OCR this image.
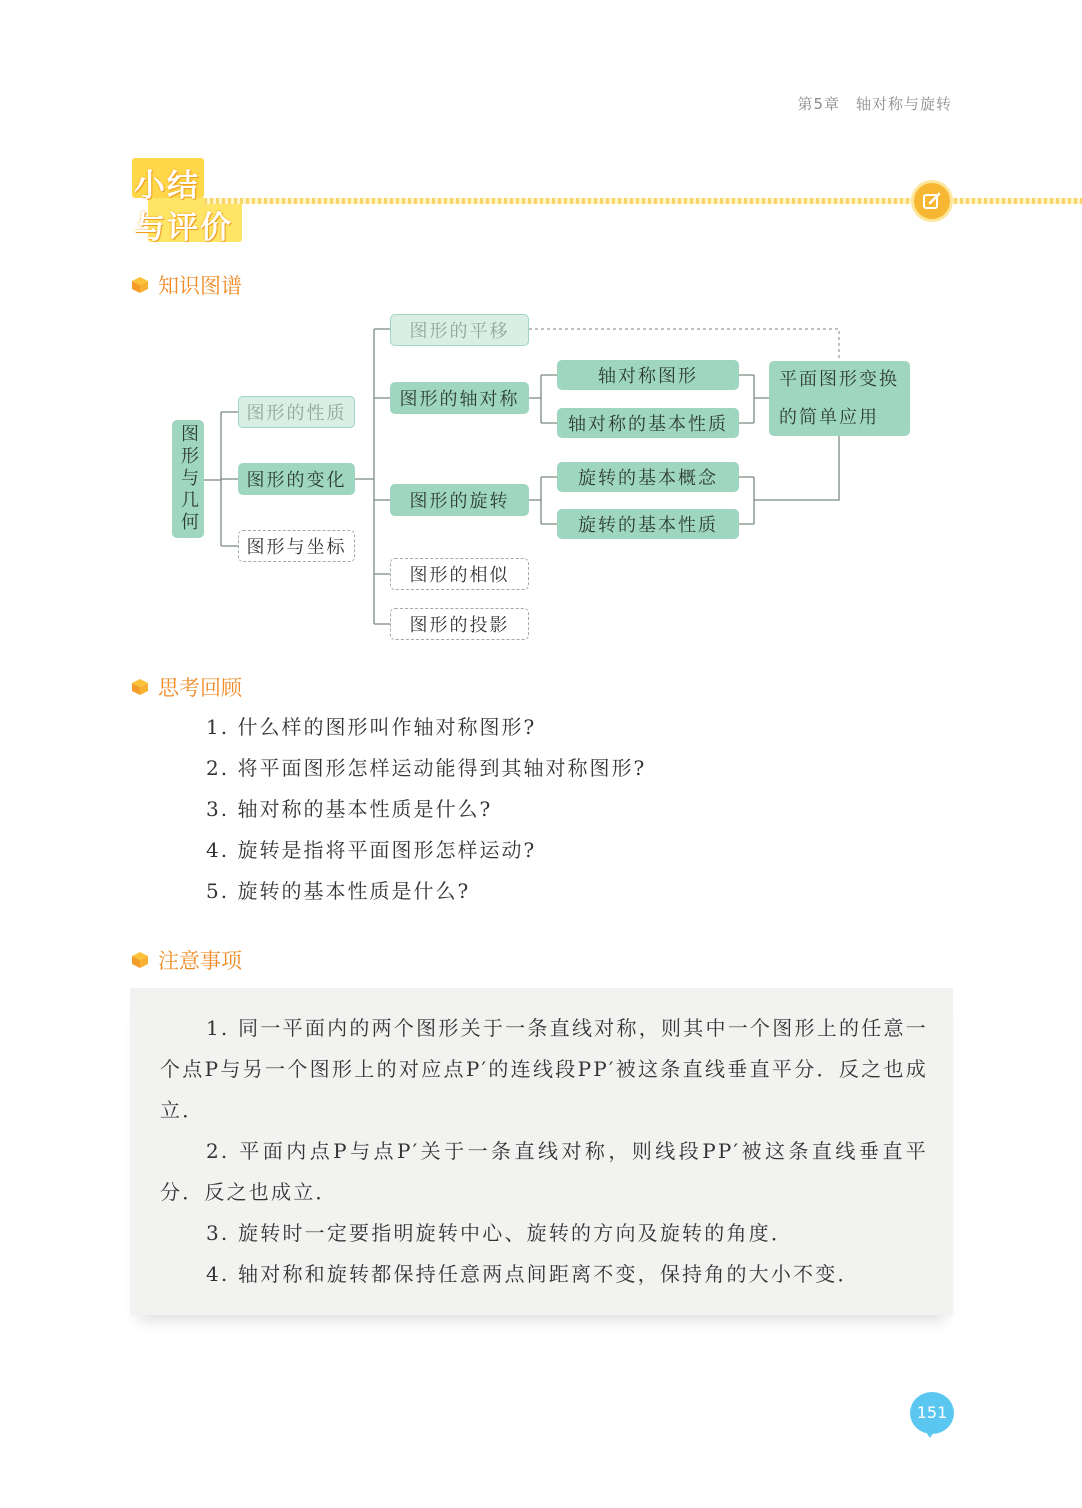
第5章 轴对称与旋转
小结
与评价
知识图谱
图形与几何
图形的性质
图形的变化
图形与坐标
图形的平移
图形的轴对称
图形的旋转
图形的相似
图形的投影
轴对称图形
轴对称的基本性质
旋转的基本概念
旋转的基本性质
平面图形变换
的简单应用
思考回顾
1. 什么样的图形叫作轴对称图形?
2. 将平面图形怎样运动能得到其轴对称图形?
3. 轴对称的基本性质是什么?
4. 旋转是指将平面图形怎样运动?
5. 旋转的基本性质是什么?
注意事项

1. 同一平面内的两个图形关于一条直线对称，则其中一个图形上的任意一个点P与另一个图形上的对应点P′的连线段PP′被这条直线垂直平分．反之也成立．

2. 平面内点P与点P′关于一条直线对称，则线段PP′被这条直线垂直平分．反之也成立．

3. 旋转时一定要指明旋转中心、旋转的方向及旋转的角度．

4. 轴对称和旋转都保持任意两点间距离不变，保持角的大小不变．

151
